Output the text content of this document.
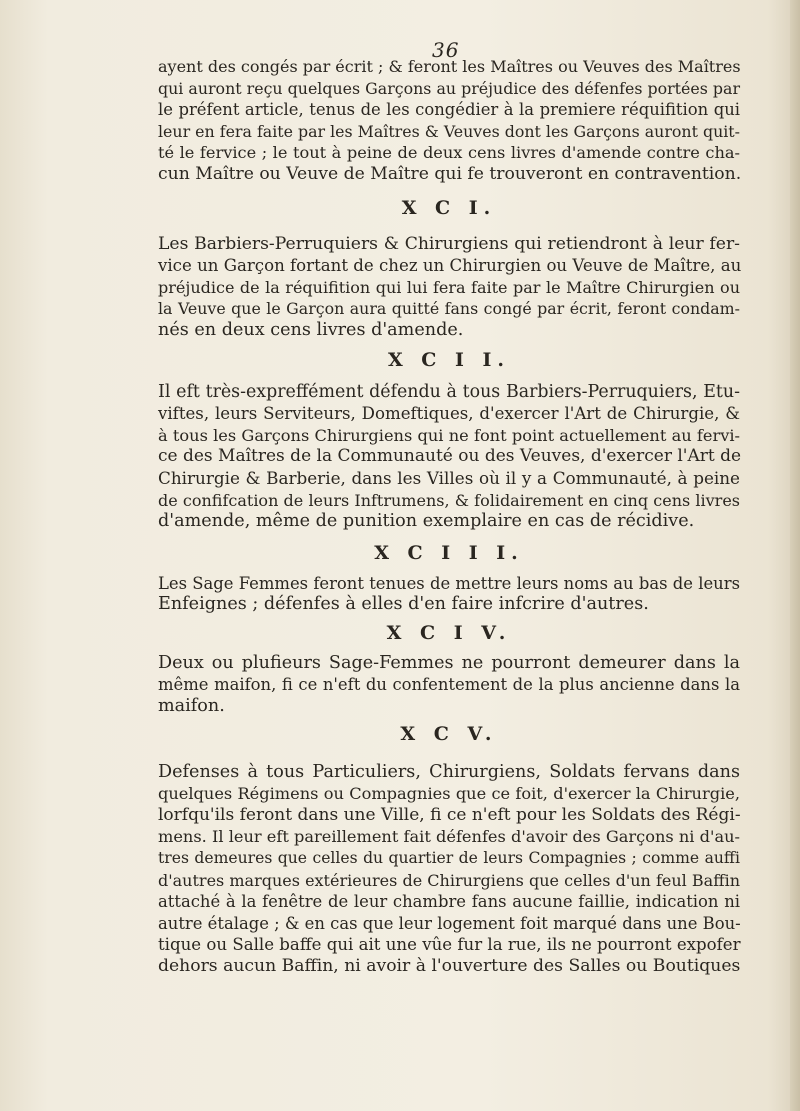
36
ayent des congés par écrit ; & feront les Maîtres ou Veuves des Maîtres
qui auront reçu quelques Garçons au préjudice des défenfes portées par
le préfent article, tenus de les congédier à la premiere réquifition qui
leur en fera faite par les Maîtres & Veuves dont les Garçons auront quit-
té le fervice ; le tout à peine de deux cens livres d'amende contre cha-
cun Maître ou Veuve de Maître qui fe trouveront en contravention.
X C I.
Les Barbiers-Perruquiers & Chirurgiens qui retiendront à leur fer-
vice un Garçon fortant de chez un Chirurgien ou Veuve de Maître, au
préjudice de la réquifition qui lui fera faite par le Maître Chirurgien ou
la Veuve que le Garçon aura quitté fans congé par écrit, feront condam-
nés en deux cens livres d'amende.
X C I I.
Il eft très-expreffément défendu à tous Barbiers-Perruquiers, Etu-
viftes, leurs Serviteurs, Domeftiques, d'exercer l'Art de Chirurgie, &
à tous les Garçons Chirurgiens qui ne font point actuellement au fervi-
ce des Maîtres de la Communauté ou des Veuves, d'exercer l'Art de
Chirurgie & Barberie, dans les Villes où il y a Communauté, à peine
de confifcation de leurs Inftrumens, & folidairement en cinq cens livres
d'amende, même de punition exemplaire en cas de récidive.
X C I I I.
Les Sage Femmes feront tenues de mettre leurs noms au bas de leurs
Enfeignes ; défenfes à elles d'en faire infcrire d'autres.
X C I V.
Deux ou plufieurs Sage-Femmes ne pourront demeurer dans la
même maifon, fi ce n'eft du confentement de la plus ancienne dans la
maifon.
X C V.
Defenses à tous Particuliers, Chirurgiens, Soldats fervans dans
quelques Régimens ou Compagnies que ce foit, d'exercer la Chirurgie,
lorfqu'ils feront dans une Ville, fi ce n'eft pour les Soldats des Régi-
mens. Il leur eft pareillement fait défenfes d'avoir des Garçons ni d'au-
tres demeures que celles du quartier de leurs Compagnies ; comme auffi
d'autres marques extérieures de Chirurgiens que celles d'un feul Baffin
attaché à la fenêtre de leur chambre fans aucune faillie, indication ni
autre étalage ; & en cas que leur logement foit marqué dans une Bou-
tique ou Salle baffe qui ait une vûe fur la rue, ils ne pourront expofer
dehors aucun Baffin, ni avoir à l'ouverture des Salles ou Boutiques
